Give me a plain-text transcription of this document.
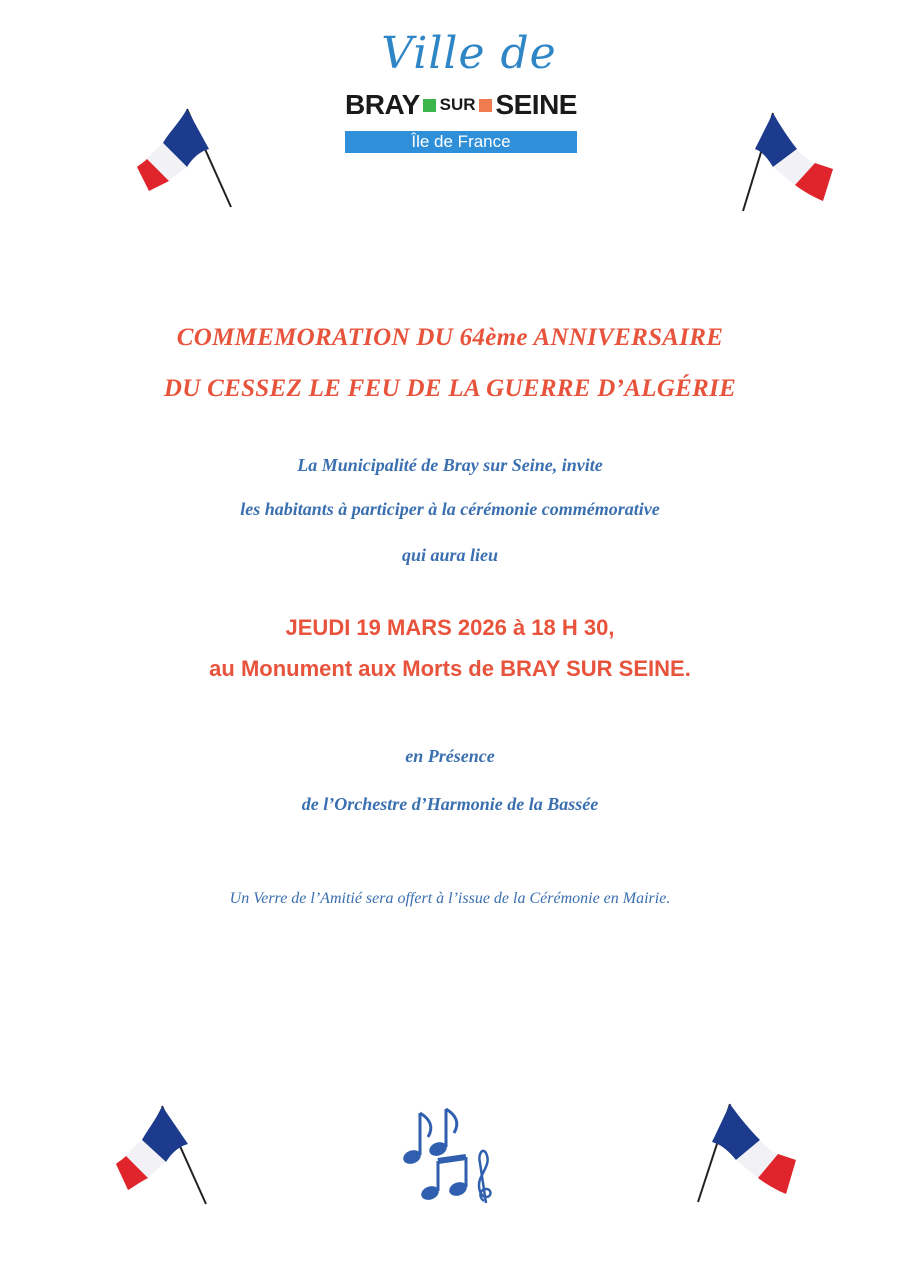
Ville de
BRAY SUR SEINE
Île de France
COMMEMORATION DU 64ème ANNIVERSAIRE
DU CESSEZ LE FEU DE LA GUERRE D’ALGÉRIE
La Municipalité de Bray sur Seine, invite
les habitants à participer à la cérémonie commémorative
qui aura lieu
JEUDI 19 MARS 2026 à 18 H 30,
au Monument aux Morts de BRAY SUR SEINE.
en Présence
de l’Orchestre d’Harmonie de la Bassée
Un Verre de l’Amitié sera offert à l’issue de la Cérémonie en Mairie.
